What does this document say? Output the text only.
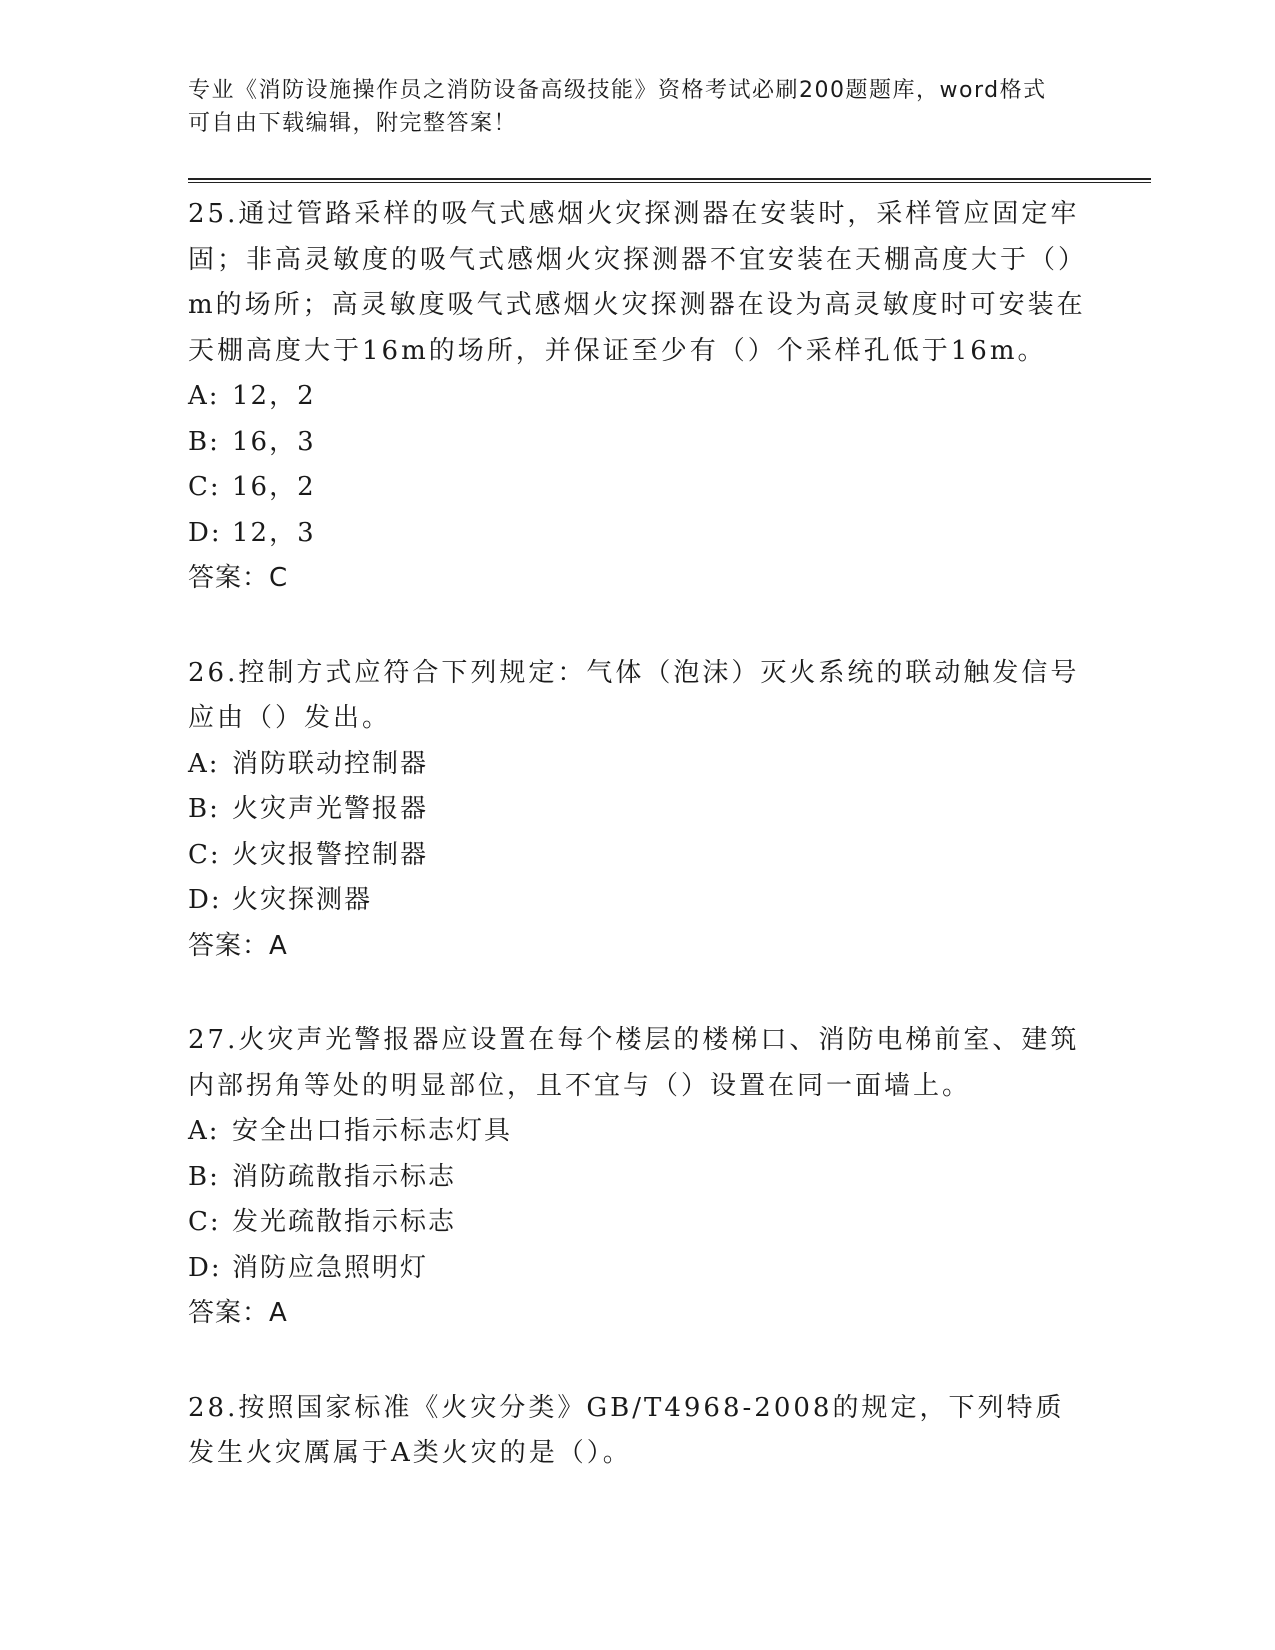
专业《消防设施操作员之消防设备高级技能》资格考试必刷200题题库，word格式可自由下载编辑，附完整答案！

25.通过管路采样的吸气式感烟火灾探测器在安装时，采样管应固定牢固；非高灵敏度的吸气式感烟火灾探测器不宜安装在天棚高度大于（）m的场所；高灵敏度吸气式感烟火灾探测器在设为高灵敏度时可安装在天棚高度大于16m的场所，并保证至少有（）个采样孔低于16m。

A: 12，2

B: 16，3

C: 16，2

D: 12，3

答案：C

26.控制方式应符合下列规定：气体（泡沫）灭火系统的联动触发信号应由（）发出。

A: 消防联动控制器

B: 火灾声光警报器

C: 火灾报警控制器

D: 火灾探测器

答案：A

27.火灾声光警报器应设置在每个楼层的楼梯口、消防电梯前室、建筑内部拐角等处的明显部位，且不宜与（）设置在同一面墙上。

A: 安全出口指示标志灯具

B: 消防疏散指示标志

C: 发光疏散指示标志

D: 消防应急照明灯

答案：A

28.按照国家标准《火灾分类》GB/T4968-2008的规定，下列特质发生火灾厲属于A类火灾的是（）。
